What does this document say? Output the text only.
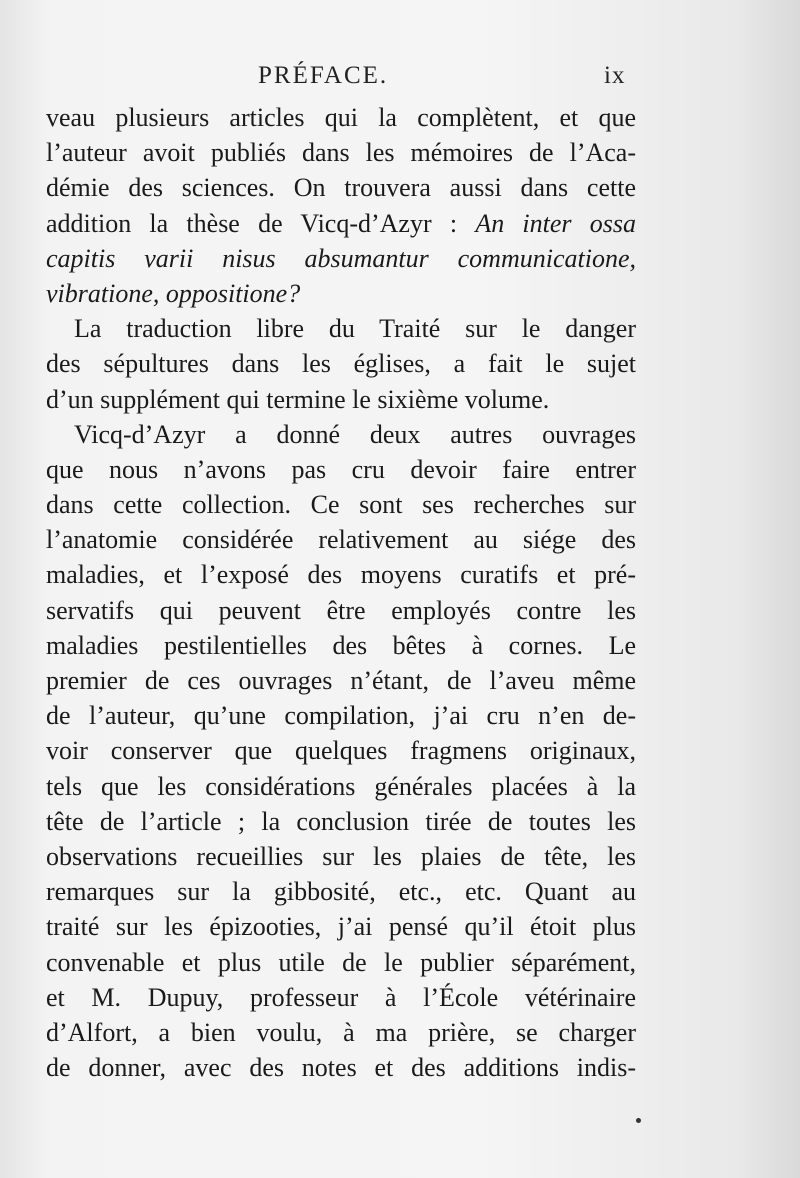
PRÉFACE.	ix
veau plusieurs articles qui la complètent, et que
l’auteur avoit publiés dans les mémoires de l’Aca-
démie des sciences. On trouvera aussi dans cette
addition la thèse de Vicq-d’Azyr : An inter ossa
capitis varii nisus absumantur communicatione,
vibratione, oppositione?
La traduction libre du Traité sur le danger
des sépultures dans les églises, a fait le sujet
d’un supplément qui termine le sixième volume.
Vicq-d’Azyr a donné deux autres ouvrages
que nous n’avons pas cru devoir faire entrer
dans cette collection. Ce sont ses recherches sur
l’anatomie considérée relativement au siége des
maladies, et l’exposé des moyens curatifs et pré-
servatifs qui peuvent être employés contre les
maladies pestilentielles des bêtes à cornes. Le
premier de ces ouvrages n’étant, de l’aveu même
de l’auteur, qu’une compilation, j’ai cru n’en de-
voir conserver que quelques fragmens originaux,
tels que les considérations générales placées à la
tête de l’article ; la conclusion tirée de toutes les
observations recueillies sur les plaies de tête, les
remarques sur la gibbosité, etc., etc. Quant au
traité sur les épizooties, j’ai pensé qu’il étoit plus
convenable et plus utile de le publier séparément,
et M. Dupuy, professeur à l’École vétérinaire
d’Alfort, a bien voulu, à ma prière, se charger
de donner, avec des notes et des additions indis-
